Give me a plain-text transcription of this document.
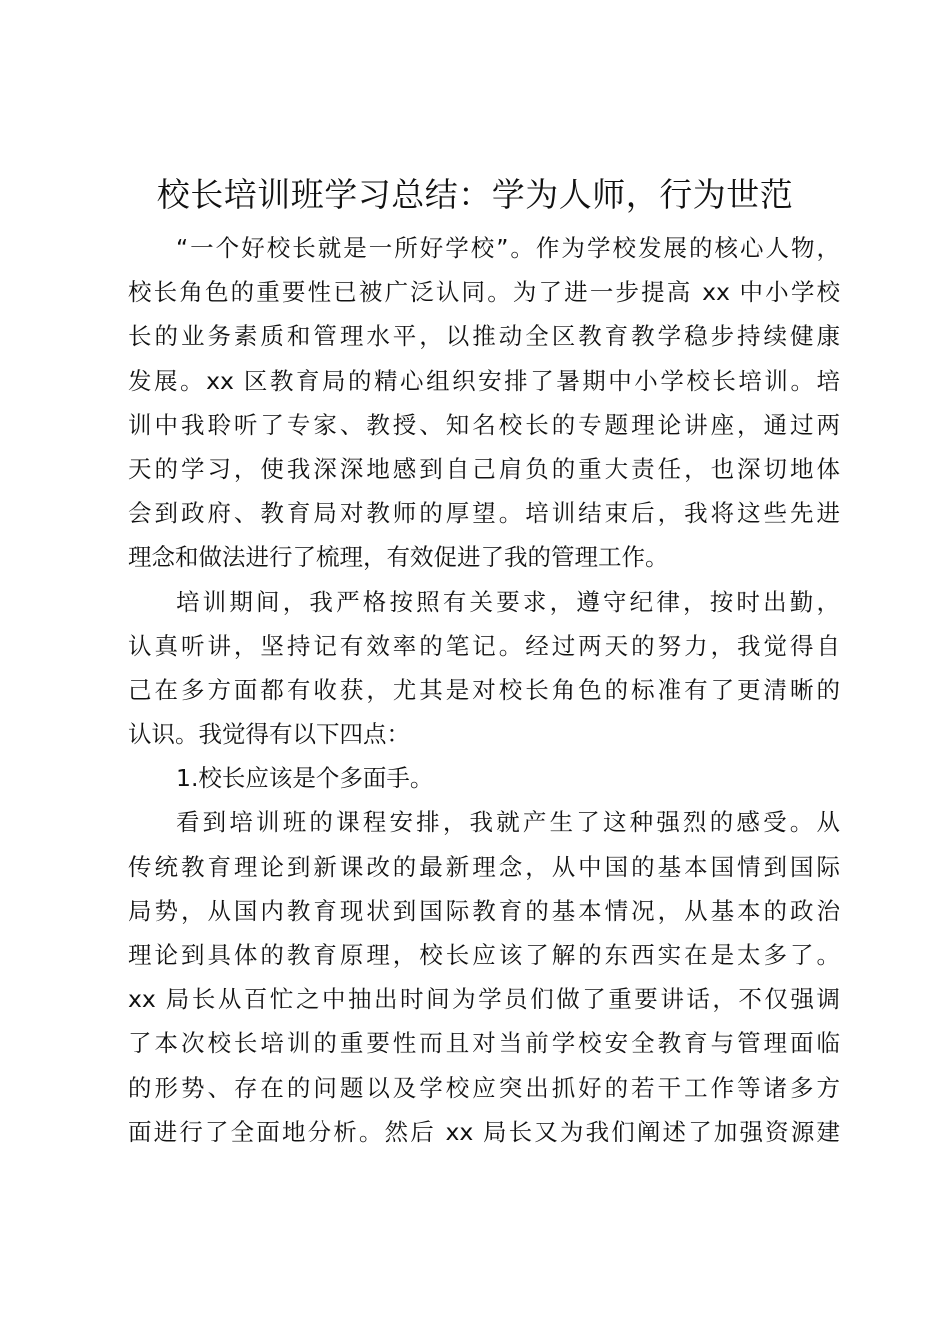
校长培训班学习总结：学为人师，行为世范
“一个好校长就是一所好学校”。作为学校发展的核心人物，
校长角色的重要性已被广泛认同。为了进一步提高 xx 中小学校
长的业务素质和管理水平，以推动全区教育教学稳步持续健康
发展。xx 区教育局的精心组织安排了暑期中小学校长培训。培
训中我聆听了专家、教授、知名校长的专题理论讲座，通过两
天的学习，使我深深地感到自己肩负的重大责任，也深切地体
会到政府、教育局对教师的厚望。培训结束后，我将这些先进
理念和做法进行了梳理，有效促进了我的管理工作。
培训期间，我严格按照有关要求，遵守纪律，按时出勤，
认真听讲，坚持记有效率的笔记。经过两天的努力，我觉得自
己在多方面都有收获，尤其是对校长角色的标准有了更清晰的
认识。我觉得有以下四点：
1.校长应该是个多面手。
看到培训班的课程安排，我就产生了这种强烈的感受。从
传统教育理论到新课改的最新理念，从中国的基本国情到国际
局势，从国内教育现状到国际教育的基本情况，从基本的政治
理论到具体的教育原理，校长应该了解的东西实在是太多了。
xx 局长从百忙之中抽出时间为学员们做了重要讲话，不仅强调
了本次校长培训的重要性而且对当前学校安全教育与管理面临
的形势、存在的问题以及学校应突出抓好的若干工作等诸多方
面进行了全面地分析。然后 xx 局长又为我们阐述了加强资源建
